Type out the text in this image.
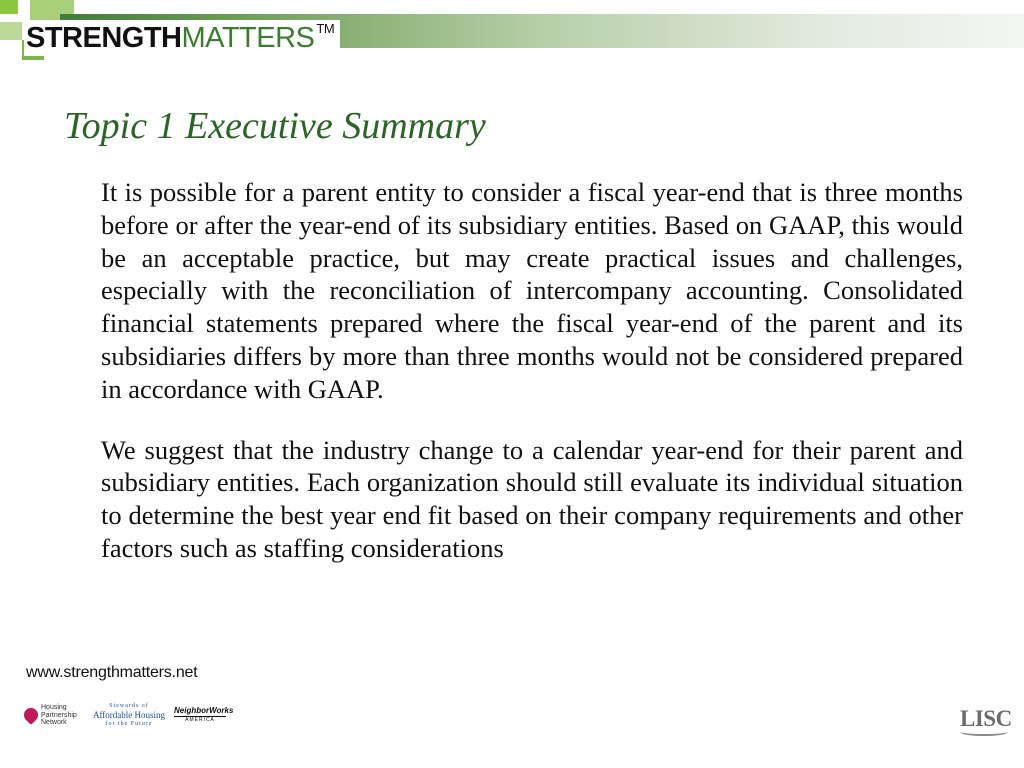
STRENGTHMATTERS ™
Topic 1 Executive Summary

It is possible for a parent entity to consider a fiscal year-end that is three months before or after the year-end of its subsidiary entities. Based on GAAP, this would be an acceptable practice, but may create practical issues and challenges, especially with the reconciliation of intercompany accounting. Consolidated financial statements prepared where the fiscal year-end of the parent and its subsidiaries differs by more than three months would not be considered prepared in accordance with GAAP.

We suggest that the industry change to a calendar year-end for their parent and subsidiary entities. Each organization should still evaluate its individual situation to determine the best year end fit based on their company requirements and other factors such as staffing considerations

www.strengthmatters.net
Housing
Partnership
Network
Stewards of
Affordable Housing
for the Future
NeighborWorks
AMERICA	LISC
